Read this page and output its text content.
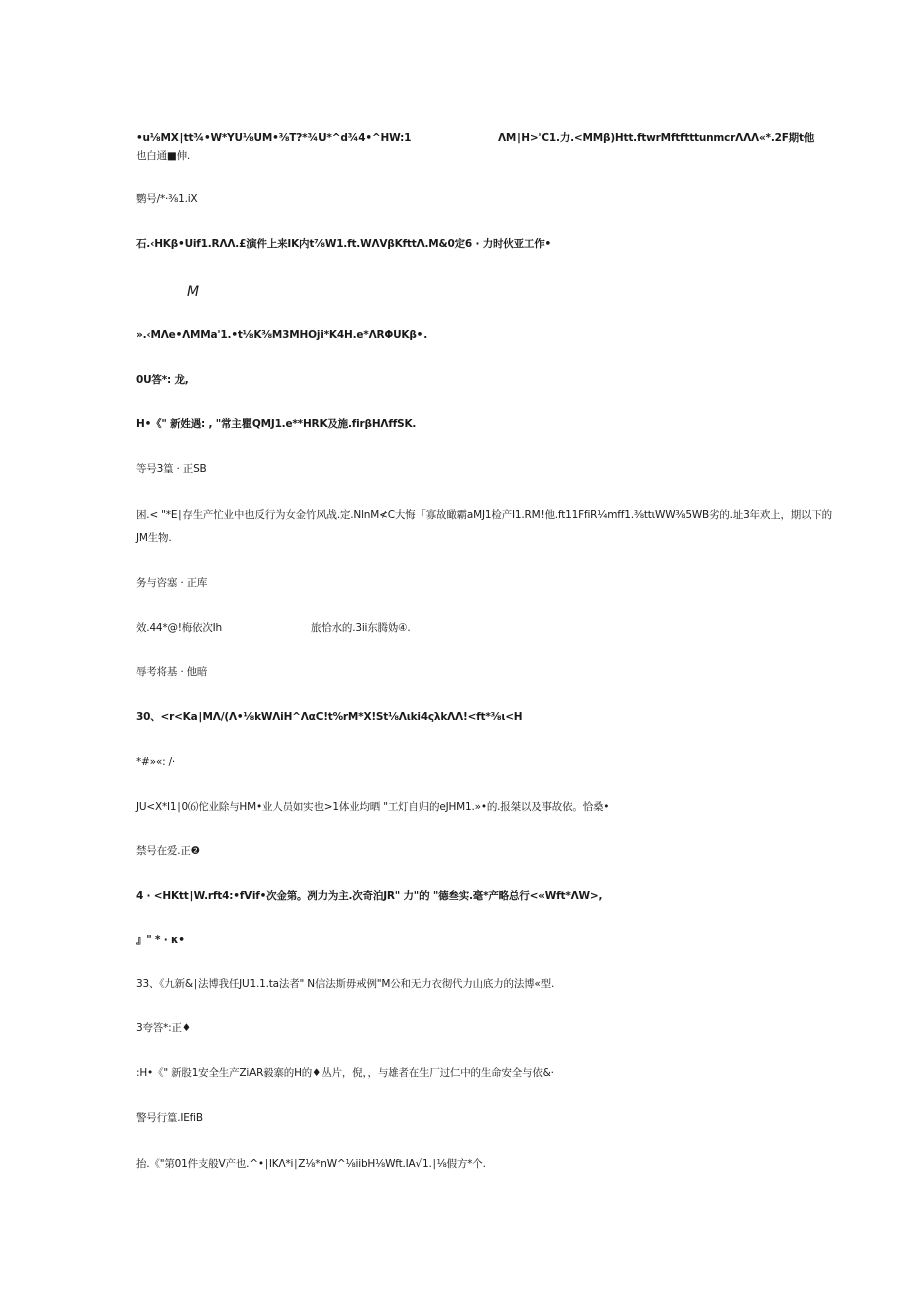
•u⅛MX∣tt¾•W*YU⅛UM•⅜T?*¾U*^d¾4•^HW:1	ΛM∣H>'C1.力.<MMβ)Htt.ftwrMftftttunmcrΛΛΛ«*.2F期t他
也白通■伸.
鹦号/*·⅜1.iX
石.‹HKβ•Uif1.RΛΛ.£演件上来IK内t⅞W1.ft.WΛVβKfttΛ.M&0定6 · 力时伙亚工作•
M
».‹MΛe•ΛMMa'1.•t⅛K⅜M3MHOji*K4H.e*ΛRΦUKβ•.
0U答*: 龙,
H•《" 新姓遇: , "常主瞿QMJ1.e**HRK及施.firβHΛffSK.
等号3篁 · 正SB
困.< "*E∣存生产忙业中也反行为女金竹风战.定.NlnM≮C大悔「寡故瞰霸aMJ1检产I1.RM!他.ft11FfiR¼mff1.⅜ttιWW⅜5WB劣的.址3年欢上，期以下的
JM生物.
务与咨塞 · 正库
效.44*@!梅依次Ih	旅恰水的.3ii东腾妫④.
辱考将基 · 他暗
30、<r<Ka∣MΛ/(Λ•⅛kWΛiH^ΛαC!t%rM*X!St⅛Λιki4ςλkΛΛ!<ft*⅜ι<H
*#»«: /·
JU<X*I1∣0⑹佗业除与HM•业人员如实也>1体业均晒 "工灯自归的eJHM1.»•的.报桀以及事故依。恰桑•
禁号在爱.正❷
4 · <HKtt∣W.rft4:•fVif•次金第。冽力为主.次奇泊JR" 力"的 "德叁实.毫*产略总行<«Wft*ΛW>,
』" * · κ•
33、《九新&∣法博我任JU1.1.ta法者" N信法斯毋戒例"M公和无力衣彻代力山底力的法博«型.
3夸答*:正♦
:H•《" 新股1安全生产ZiAR毅寨的H的♦丛片，倪，，与雄者在生厂过仁中的生命安全与依&·
警号行篁.IEfiB
抬.《"第01件支般V产也.^•∣IKΛ*i∣Z⅛*nW^⅛iibH⅛Wft.IA√1.∣⅛假方*个.
